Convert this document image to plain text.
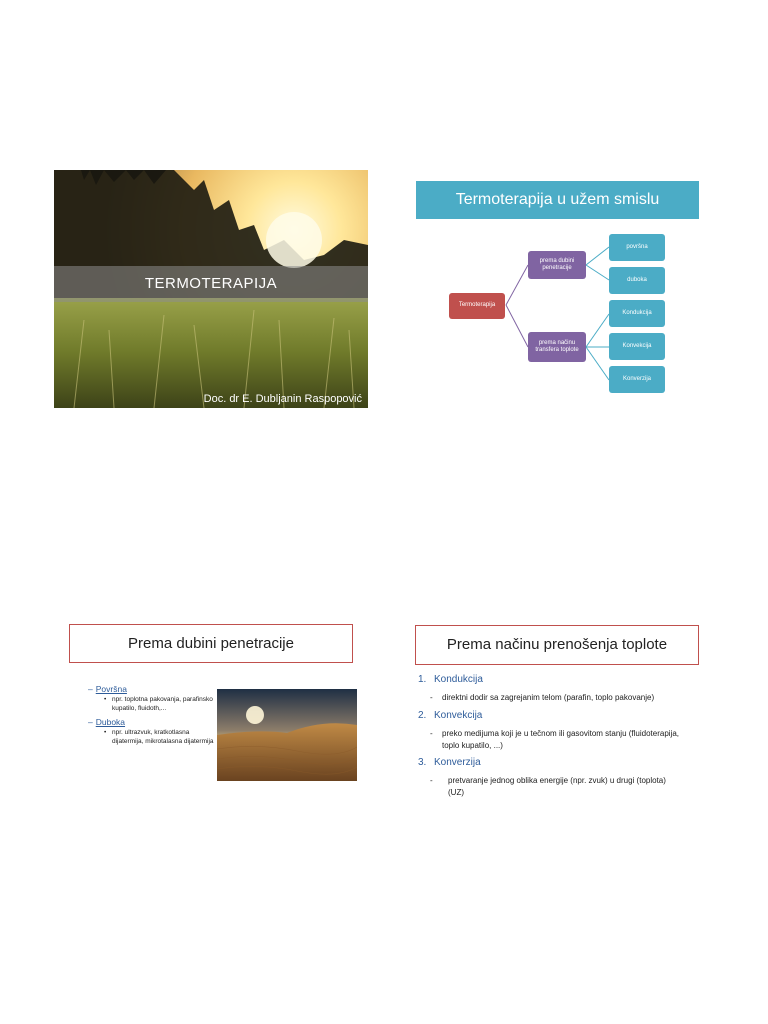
TERMOTERAPIJA
Doc. dr E. Dubljanin Raspopović
Termoterapija u užem smislu
Termoterapija
prema dubini penetracije
prema načinu transfera toplote
površna
duboka
Kondukcija
Konvekcija
Konverzija
Prema dubini penetracije
– Površna
• npr. toplotna pakovanja, parafinsko kupatilo, fluidoth,...
– Duboka
• npr. ultrazvuk, kratkotlasna dijatermija, mikrotalasna dijatermija
Prema načinu prenošenja toplote
1. Kondukcija
-	direktni dodir sa zagrejanim telom (parafin, toplo pakovanje)
2. Konvekcija
-	preko medijuma koji je u tečnom ili gasovitom stanju (fluidoterapija, toplo kupatilo, ...)
3. Konverzija
-	pretvaranje jednog oblika energije (npr. zvuk) u drugi (toplota) (UZ)
